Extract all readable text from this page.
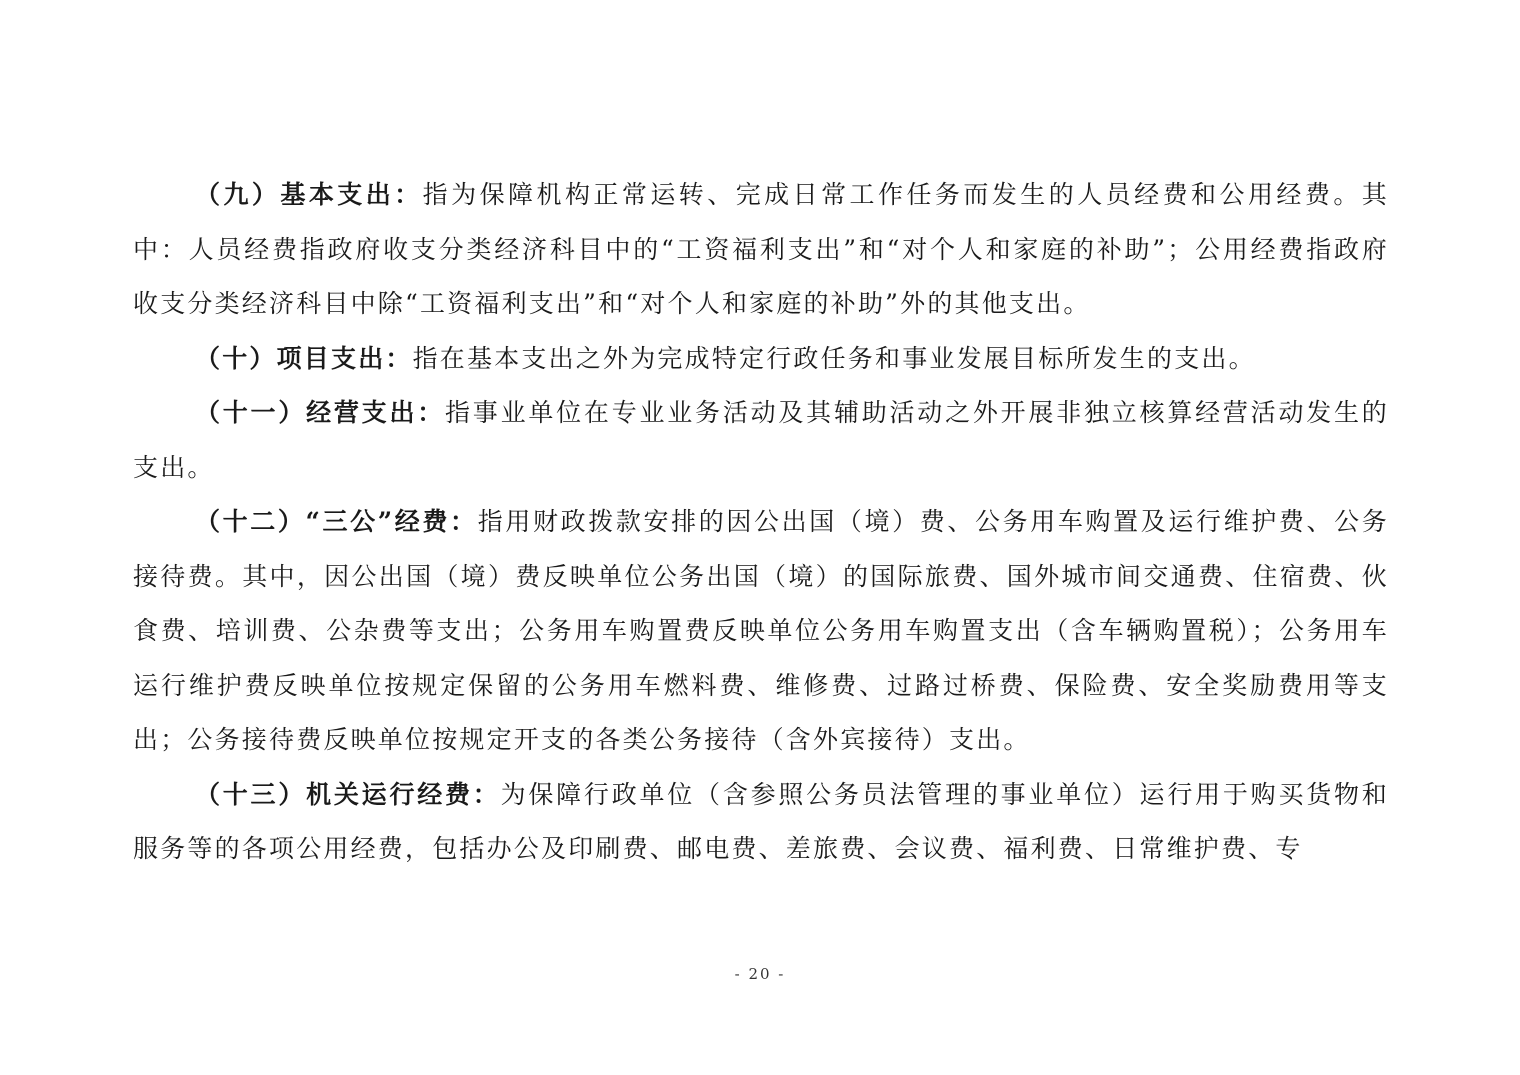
（九）基本支出：指为保障机构正常运转、完成日常工作任务而发生的人员经费和公用经费。其中：人员经费指政府收支分类经济科目中的“工资福利支出”和“对个人和家庭的补助”；公用经费指政府收支分类经济科目中除“工资福利支出”和“对个人和家庭的补助”外的其他支出。

（十）项目支出：指在基本支出之外为完成特定行政任务和事业发展目标所发生的支出。

（十一）经营支出：指事业单位在专业业务活动及其辅助活动之外开展非独立核算经营活动发生的支出。

（十二）“三公”经费：指用财政拨款安排的因公出国（境）费、公务用车购置及运行维护费、公务接待费。其中，因公出国（境）费反映单位公务出国（境）的国际旅费、国外城市间交通费、住宿费、伙食费、培训费、公杂费等支出；公务用车购置费反映单位公务用车购置支出（含车辆购置税）；公务用车运行维护费反映单位按规定保留的公务用车燃料费、维修费、过路过桥费、保险费、安全奖励费用等支出；公务接待费反映单位按规定开支的各类公务接待（含外宾接待）支出。

（十三）机关运行经费：为保障行政单位（含参照公务员法管理的事业单位）运行用于购买货物和服务等的各项公用经费，包括办公及印刷费、邮电费、差旅费、会议费、福利费、日常维护费、专

- 20 -
